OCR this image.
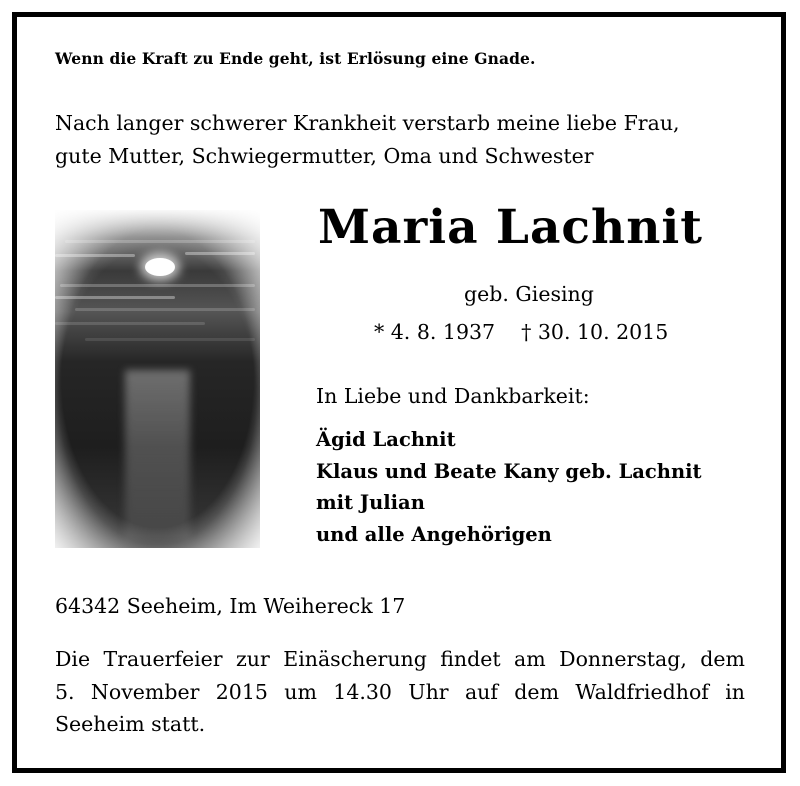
Wenn die Kraft zu Ende geht, ist Erlösung eine Gnade.
Nach langer schwerer Krankheit verstarb meine liebe Frau,
gute Mutter, Schwiegermutter, Oma und Schwester
Maria Lachnit
geb. Giesing
* 4. 8. 1937 † 30. 10. 2015
In Liebe und Dankbarkeit:
Ägid Lachnit
Klaus und Beate Kany geb. Lachnit
mit Julian
und alle Angehörigen
64342 Seeheim, Im Weihereck 17
Die Trauerfeier zur Einäscherung findet am Donnerstag, dem
5. November 2015 um 14.30 Uhr auf dem Waldfriedhof in
Seeheim statt.
